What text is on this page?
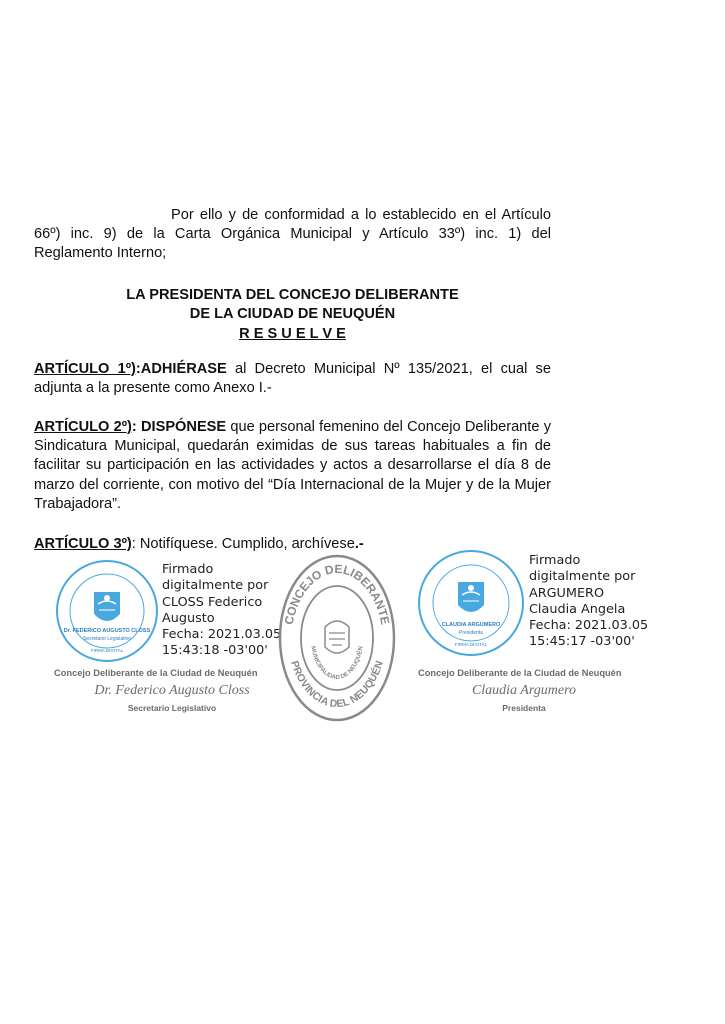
Por ello y de conformidad a lo establecido en el Artículo 66º) inc. 9) de la Carta Orgánica Municipal y Artículo 33º) inc. 1) del Reglamento Interno;
LA PRESIDENTA DEL CONCEJO DELIBERANTE
DE LA CIUDAD DE NEUQUÉN
R E S U E L V E
ARTÍCULO 1º):ADHIÉRASE al Decreto Municipal Nº 135/2021, el cual se adjunta a la presente como Anexo I.-
ARTÍCULO 2º): DISPÓNESE que personal femenino del Concejo Deliberante y Sindicatura Municipal, quedarán eximidas de sus tareas habituales a fin de facilitar su participación en las actividades y actos a desarrollarse el día 8 de marzo del corriente, con motivo del “Día Internacional de la Mujer y de la Mujer Trabajadora”.
ARTÍCULO 3º): Notifíquese. Cumplido, archívese.-
Dr. FEDERICO AUGUSTO CLOSS
Secretario Legislativo
FIRMA DIGITAL
Firmado
digitalmente por
CLOSS Federico
Augusto
Fecha: 2021.03.05
15:43:18 -03'00'
Concejo Deliberante de la Ciudad de Neuquén
Dr. Federico Augusto Closs
Secretario Legislativo
CONCEJO DELIBERANTE
PROVINCIA DEL NEUQUÉN
MUNICIPALIDAD DE NEUQUÉN
CLAUDIA ARGUMERO
Presidenta
FIRMA DIGITAL
Firmado
digitalmente por
ARGUMERO
Claudia Angela
Fecha: 2021.03.05
15:45:17 -03'00'
Concejo Deliberante de la Ciudad de Neuquén
Claudia Argumero
Presidenta
